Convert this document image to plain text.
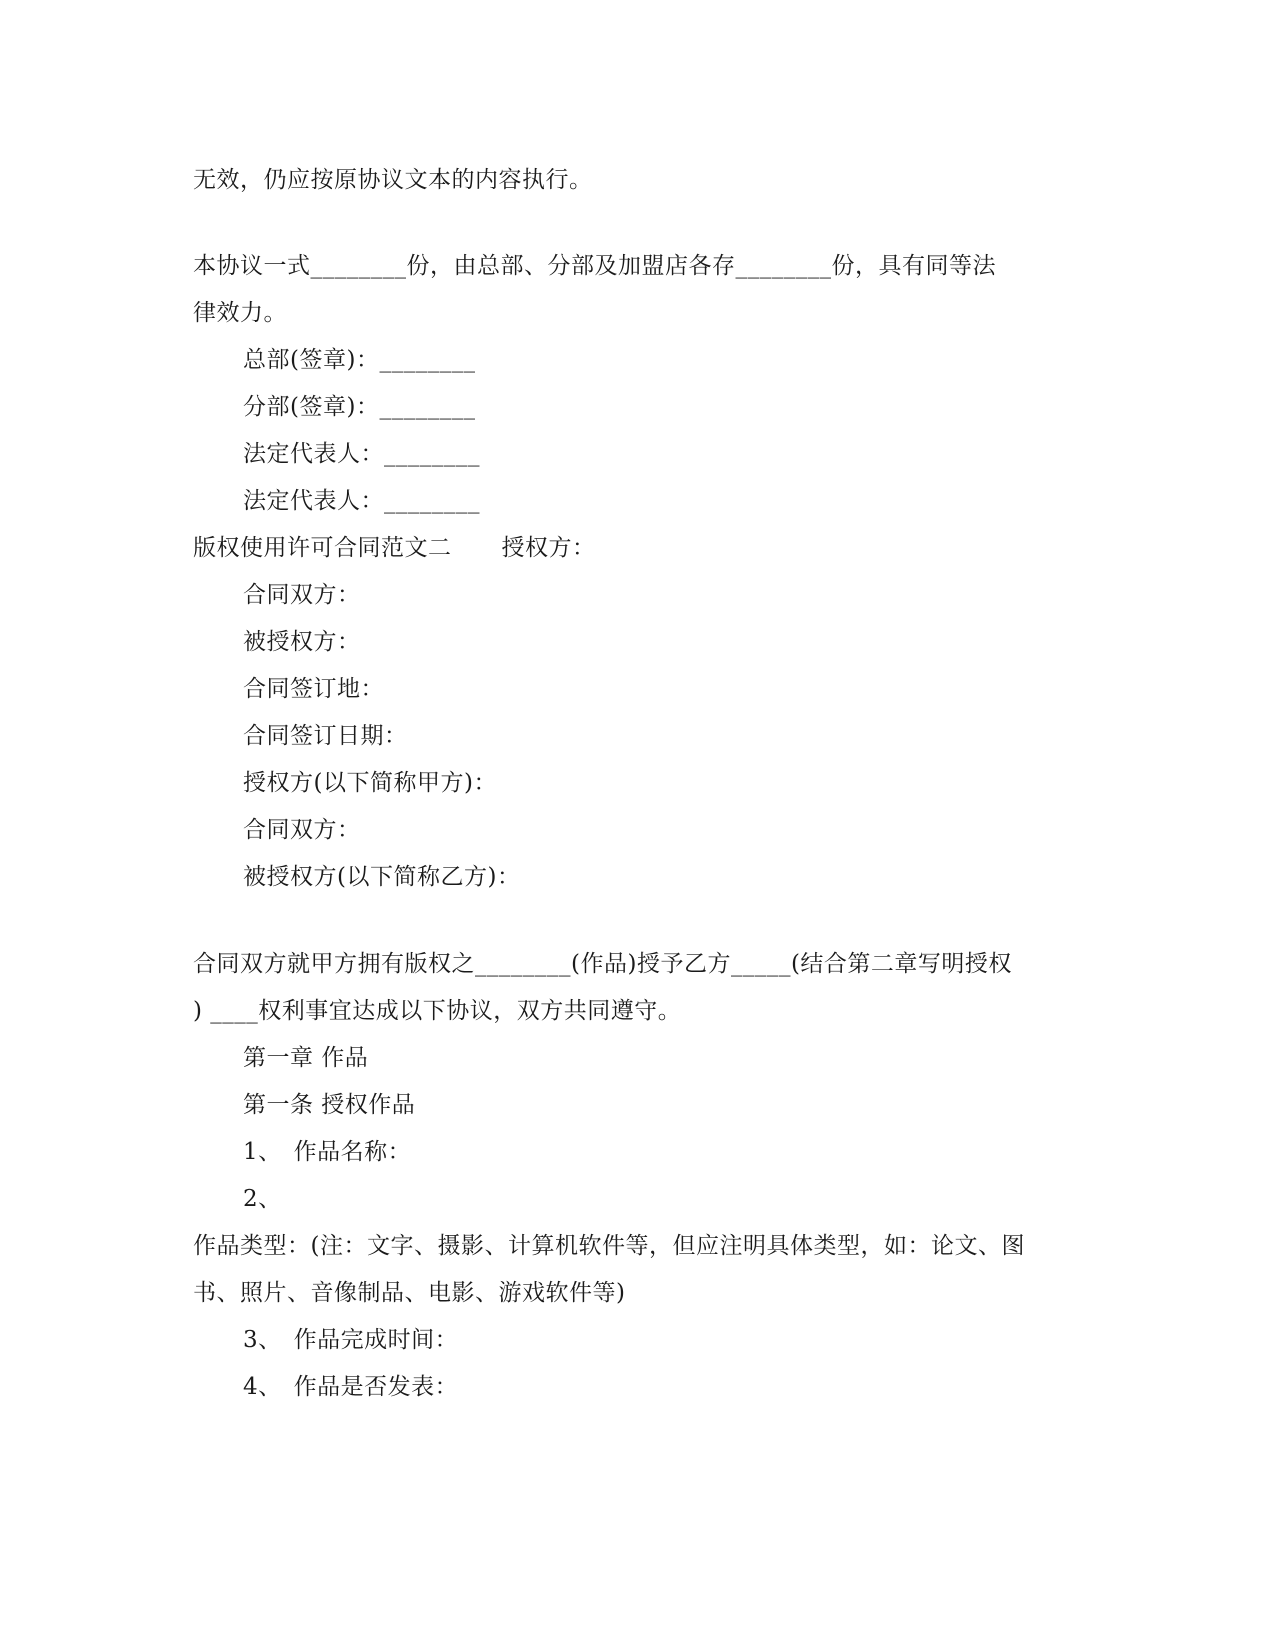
无效，仍应按原协议文本的内容执行。
本协议一式________份，由总部、分部及加盟店各存________份，具有同等法
律效力。
总部(签章)：________
分部(签章)：________
法定代表人：________
法定代表人：________
版权使用许可合同范文二 授权方：
合同双方：
被授权方：
合同签订地：
合同签订日期：
授权方(以下简称甲方)：
合同双方：
被授权方(以下简称乙方)：
合同双方就甲方拥有版权之________(作品)授予乙方_____(结合第二章写明授权
) ____权利事宜达成以下协议，双方共同遵守。
第一章 作品
第一条 授权作品
1、　作品名称：
2、
作品类型：(注：文字、摄影、计算机软件等，但应注明具体类型，如：论文、图
书、照片、音像制品、电影、游戏软件等)
3、　作品完成时间：
4、　作品是否发表：
